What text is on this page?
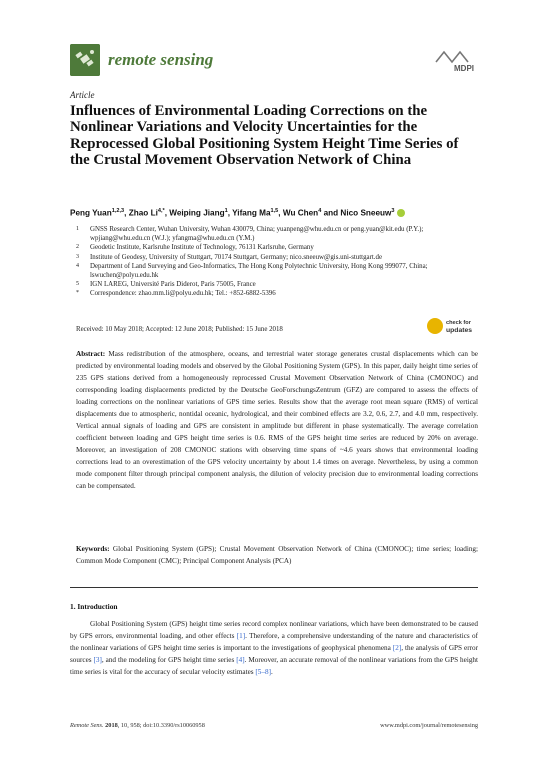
remote sensing	MDPI
Article
Influences of Environmental Loading Corrections on the Nonlinear Variations and Velocity Uncertainties for the Reprocessed Global Positioning System Height Time Series of the Crustal Movement Observation Network of China
Peng Yuan$^{1,2,3}$, Zhao $Li^{4,*}$, Weiping Jiang$^1$, Yifang Ma$^{1,5}$, Wu Chen$^4$ and Nico Sneeuw$^3$
1	GNSS Research Center, Wuhan University, Wuhan 430079, China; yuanpeng@whu.edu.cn or peng.yuan@kit.edu (P.Y.); wpjiang@whu.edu.cn (W.J.); yfangma@whu.edu.cn (Y.M.)
2	Geodetic Institute, Karlsruhe Institute of Technology, 76131 Karlsruhe, Germany
3	Institute of Geodesy, University of Stuttgart, 70174 Stuttgart, Germany; nico.sneeuw@gis.uni-stuttgart.de
4	Department of Land Surveying and Geo-Informatics, The Hong Kong Polytechnic University, Hong Kong 999077, China; lswuchen@polyu.edu.hk
5	IGN LAREG, Université Paris Diderot, Paris 75005, France
*	Correspondence: zhao.mm.li@polyu.edu.hk; Tel.: +852-6882-5396
Received: 10 May 2018; Accepted: 12 June 2018; Published: 15 June 2018
check for
updates
Abstract: Mass redistribution of the atmosphere, oceans, and terrestrial water storage generates crustal displacements which can be predicted by environmental loading models and observed by the Global Positioning System (GPS). In this paper, daily height time series of 235 GPS stations derived from a homogeneously reprocessed Crustal Movement Observation Network of China (CMONOC) and corresponding loading displacements predicted by the Deutsche GeoForschungsZentrum (GFZ) are compared to assess the effects of loading corrections on the nonlinear variations of GPS time series. Results show that the average root mean square (RMS) of vertical displacements due to atmospheric, nontidal oceanic, hydrological, and their combined effects are 3.2, 0.6, 2.7, and 4.0 mm, respectively. Vertical annual signals of loading and GPS are consistent in amplitude but different in phase systematically. The average correlation coefficient between loading and GPS height time series is 0.6. RMS of the GPS height time series are reduced by 20% on average. Moreover, an investigation of 208 CMONOC stations with observing time spans of ~4.6 years shows that environmental loading corrections lead to an overestimation of the GPS velocity uncertainty by about 1.4 times on average. Nevertheless, by using a common mode component filter through principal component analysis, the dilution of velocity precision due to environmental loading corrections can be compensated.
Keywords: Global Positioning System (GPS); Crustal Movement Observation Network of China (CMONOC); time series; loading; Common Mode Component (CMC); Principal Component Analysis (PCA)
1. Introduction
Global Positioning System (GPS) height time series record complex nonlinear variations, which have been demonstrated to be caused by GPS errors, environmental loading, and other effects [1]. Therefore, a comprehensive understanding of the nature and characteristics of the nonlinear variations of GPS height time series is important to the investigations of geophysical phenomena [2], the analysis of GPS error sources [3], and the modeling for GPS height time series [4]. Moreover, an accurate removal of the nonlinear variations from the GPS height time series is vital for the accuracy of secular velocity estimates [5–8].
Remote Sens. 2018, 10, 958; doi:10.3390/rs10060958	www.mdpi.com/journal/remotesensing
